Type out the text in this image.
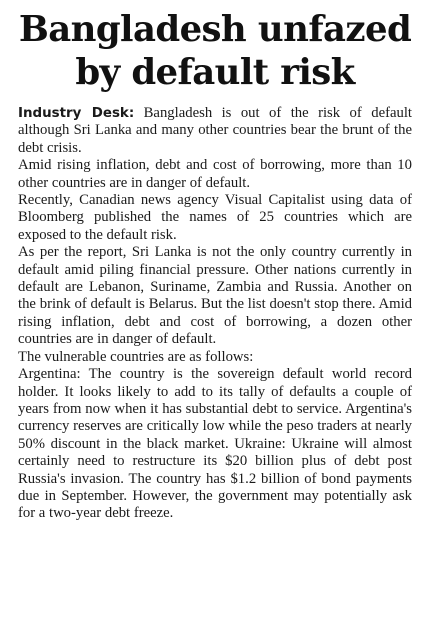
Bangladesh unfazed
by default risk

Industry Desk: Bangladesh is out of the risk of default although Sri Lanka and many other countries bear the brunt of the debt crisis.

Amid rising inflation, debt and cost of borrowing, more than 10 other countries are in danger of default.

Recently, Canadian news agency Visual Capitalist using data of Bloomberg published the names of 25 countries which are exposed to the default risk.

As per the report, Sri Lanka is not the only country currently in default amid piling financial pressure. Other nations currently in default are Lebanon, Suriname, Zambia and Russia. Another on the brink of default is Belarus. But the list doesn't stop there. Amid rising inflation, debt and cost of borrowing, a dozen other countries are in danger of default.

The vulnerable countries are as follows:

Argentina: The country is the sovereign default world record holder. It looks likely to add to its tally of defaults a couple of years from now when it has substantial debt to service. Argentina's currency reserves are critically low while the peso traders at nearly 50% discount in the black market. Ukraine: Ukraine will almost certainly need to restructure its $20 billion plus of debt post Russia's invasion. The country has $1.2 billion of bond payments due in September. However, the government may potentially ask for a two-year debt freeze.
